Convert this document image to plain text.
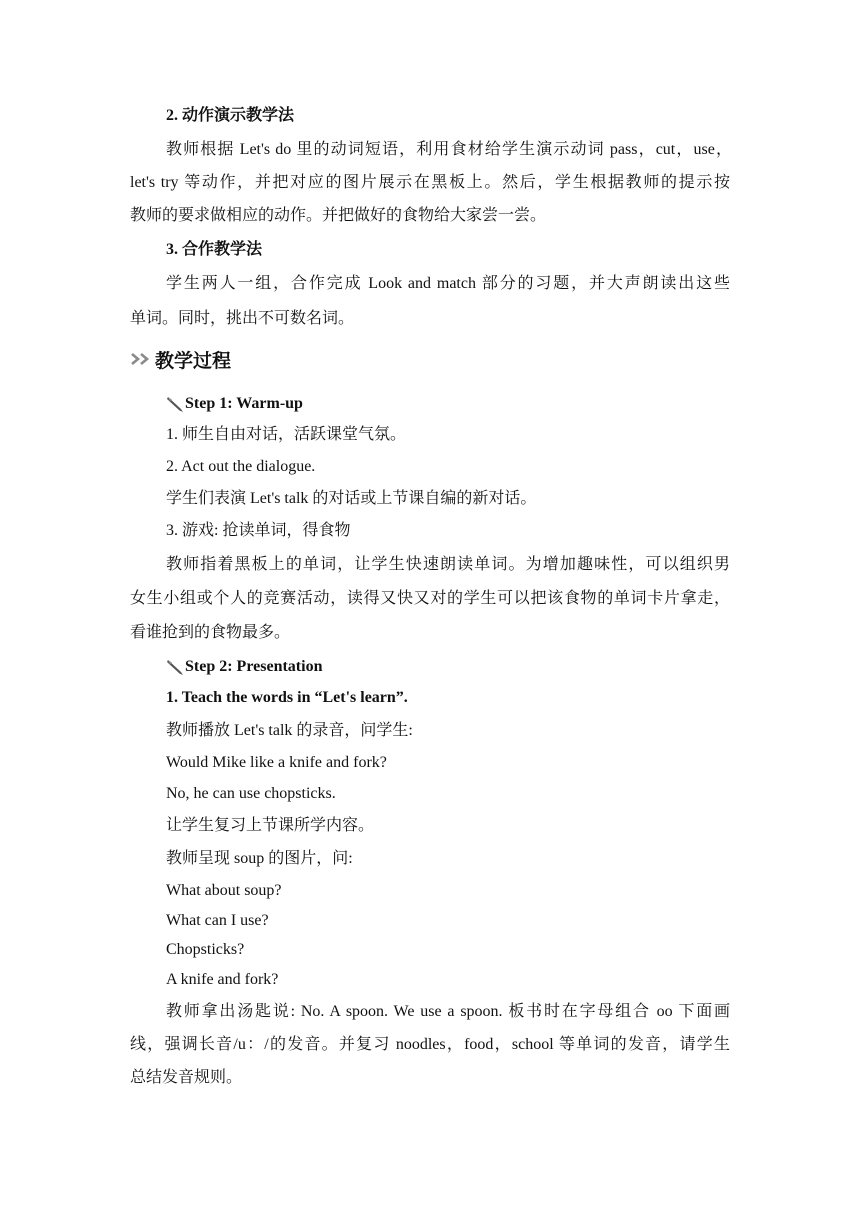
2. 动作演示教学法
教师根据 Let's do 里的动词短语，利用食材给学生演示动词 pass，cut，use，
let's try 等动作，并把对应的图片展示在黑板上。然后，学生根据教师的提示按
教师的要求做相应的动作。并把做好的食物给大家尝一尝。
3. 合作教学法
学生两人一组，合作完成 Look and match 部分的习题，并大声朗读出这些
单词。同时，挑出不可数名词。
教学过程
Step 1: Warm-up
1. 师生自由对话，活跃课堂气氛。
2. Act out the dialogue.
学生们表演 Let's talk 的对话或上节课自编的新对话。
3. 游戏: 抢读单词，得食物
教师指着黑板上的单词，让学生快速朗读单词。为增加趣味性，可以组织男
女生小组或个人的竞赛活动，读得又快又对的学生可以把该食物的单词卡片拿走，
看谁抢到的食物最多。
Step 2: Presentation
1. Teach the words in “Let's learn”.
教师播放 Let's talk 的录音，问学生:
Would Mike like a knife and fork?
No, he can use chopsticks.
让学生复习上节课所学内容。
教师呈现 soup 的图片，问:
What about soup?
What can I use?
Chopsticks?
A knife and fork?
教师拿出汤匙说: No. A spoon. We use a spoon. 板书时在字母组合 oo 下面画
线，强调长音/u：/的发音。并复习 noodles，food，school 等单词的发音，请学生
总结发音规则。
